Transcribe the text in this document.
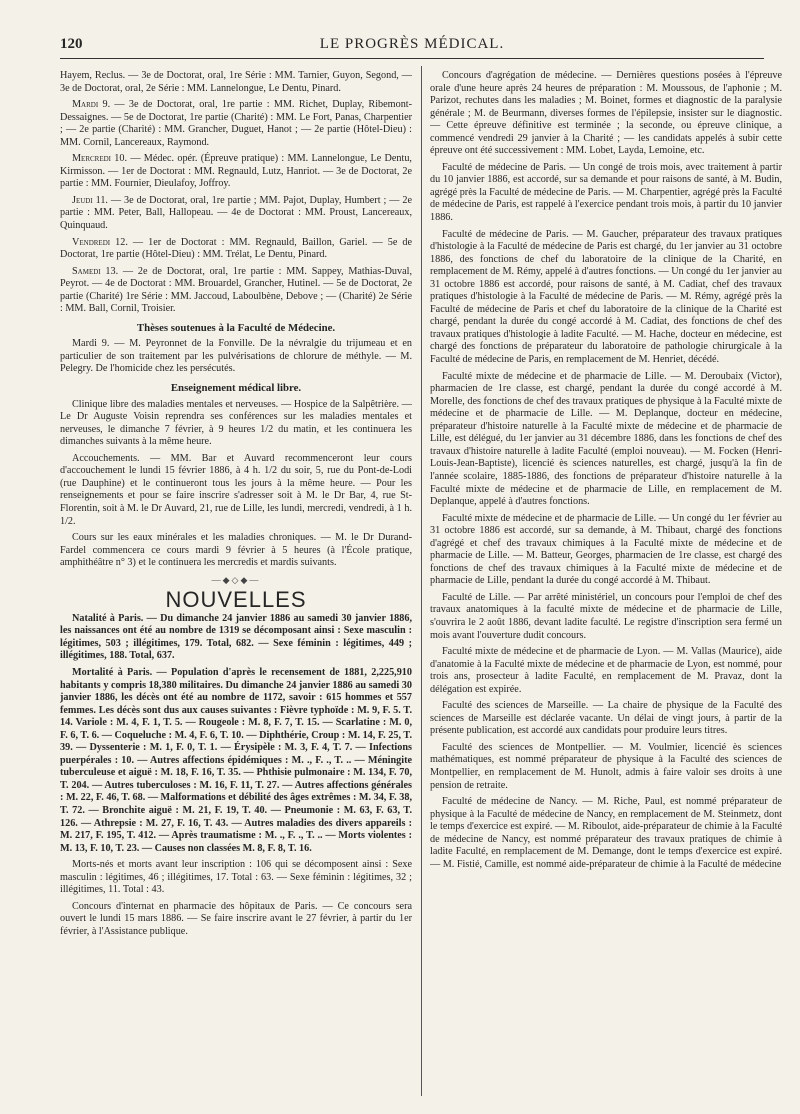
120	LE PROGRÈS MÉDICAL.

Hayem, Reclus. — 3e de Doctorat, oral, 1re Série : MM. Tarnier, Guyon, Segond, — 3e de Doctorat, oral, 2e Série : MM. Lannelongue, Le Dentu, Pinard.

Mardi 9. — 3e de Doctorat, oral, 1re partie : MM. Richet, Duplay, Ribemont-Dessaignes. — 5e de Doctorat, 1re partie (Charité) : MM. Le Fort, Panas, Charpentier ; — 2e partie (Charité) : MM. Grancher, Duguet, Hanot ; — 2e partie (Hôtel-Dieu) : MM. Cornil, Lancereaux, Raymond.

Mercredi 10. — Médec. opér. (Épreuve pratique) : MM. Lannelongue, Le Dentu, Kirmisson. — 1er de Doctorat : MM. Regnauld, Lutz, Hanriot. — 3e de Doctorat, 2e partie : MM. Fournier, Dieulafoy, Joffroy.

Jeudi 11. — 3e de Doctorat, oral, 1re partie ; MM. Pajot, Duplay, Humbert ; — 2e partie : MM. Peter, Ball, Hallopeau. — 4e de Doctorat : MM. Proust, Lancereaux, Quinquaud.

Vendredi 12. — 1er de Doctorat : MM. Regnauld, Baillon, Gariel. — 5e de Doctorat, 1re partie (Hôtel-Dieu) : MM. Trélat, Le Dentu, Pinard.

Samedi 13. — 2e de Doctorat, oral, 1re partie : MM. Sappey, Mathias-Duval, Peyrot. — 4e de Doctorat : MM. Brouardel, Grancher, Hutinel. — 5e de Doctorat, 2e partie (Charité) 1re Série : MM. Jaccoud, Laboulbène, Debove ; — (Charité) 2e Série : MM. Ball, Cornil, Troisier.

Thèses soutenues à la Faculté de Médecine.

Mardi 9. — M. Peyronnet de la Fonville. De la névralgie du trijumeau et en particulier de son traitement par les pulvérisations de chlorure de méthyle. — M. Pelegry. De l'homicide chez les persécutés.

Enseignement médical libre.

Clinique libre des maladies mentales et nerveuses. — Hospice de la Salpêtrière. — Le Dr Auguste Voisin reprendra ses conférences sur les maladies mentales et nerveuses, le dimanche 7 février, à 9 heures 1/2 du matin, et les continuera les dimanches suivants à la même heure.

Accouchements. — MM. Bar et Auvard recommenceront leur cours d'accouchement le lundi 15 février 1886, à 4 h. 1/2 du soir, 5, rue du Pont-de-Lodi (rue Dauphine) et le continueront tous les jours à la même heure. — Pour les renseignements et pour se faire inscrire s'adresser soit à M. le Dr Bar, 4, rue St-Florentin, soit à M. le Dr Auvard, 21, rue de Lille, les lundi, mercredi, vendredi, à 1 h. 1/2.

Cours sur les eaux minérales et les maladies chroniques. — M. le Dr Durand-Fardel commencera ce cours mardi 9 février à 5 heures (à l'École pratique, amphithéâtre n° 3) et le continuera les mercredis et mardis suivants.

—◆◇◆—
NOUVELLES

Natalité à Paris. — Du dimanche 24 janvier 1886 au samedi 30 janvier 1886, les naissances ont été au nombre de 1319 se décomposant ainsi : Sexe masculin : légitimes, 503 ; illégitimes, 179. Total, 682. — Sexe féminin : légitimes, 449 ; illégitimes, 188. Total, 637.

Mortalité à Paris. — Population d'après le recensement de 1881, 2,225,910 habitants y compris 18,380 militaires. Du dimanche 24 janvier 1886 au samedi 30 janvier 1886, les décès ont été au nombre de 1172, savoir : 615 hommes et 557 femmes. Les décès sont dus aux causes suivantes : Fièvre typhoïde : M. 9, F. 5. T. 14. Variole : M. 4, F. 1, T. 5. — Rougeole : M. 8, F. 7, T. 15. — Scarlatine : M. 0, F. 6, T. 6. — Coqueluche : M. 4, F. 6, T. 10. — Diphthérie, Croup : M. 14, F. 25, T. 39. — Dyssenterie : M. 1, F. 0, T. 1. — Érysipèle : M. 3, F. 4, T. 7. — Infections puerpérales : 10. — Autres affections épidémiques : M. ., F. ., T. .. — Méningite tuberculeuse et aiguë : M. 18, F. 16, T. 35. — Phthisie pulmonaire : M. 134, F. 70, T. 204. — Autres tuberculoses : M. 16, F. 11, T. 27. — Autres affections générales : M. 22, F. 46, T. 68. — Malformations et débilité des âges extrêmes : M. 34, F. 38, T. 72. — Bronchite aiguë : M. 21, F. 19, T. 40. — Pneumonie : M. 63, F. 63, T. 126. — Athrepsie : M. 27, F. 16, T. 43. — Autres maladies des divers appareils : M. 217, F. 195, T. 412. — Après traumatisme : M. ., F. ., T. .. — Morts violentes : M. 13, F. 10, T. 23. — Causes non classées M. 8, F. 8, T. 16.

Morts-nés et morts avant leur inscription : 106 qui se décomposent ainsi : Sexe masculin : légitimes, 46 ; illégitimes, 17. Total : 63. — Sexe féminin : légitimes, 32 ; illégitimes, 11. Total : 43.

Concours d'internat en pharmacie des hôpitaux de Paris. — Ce concours sera ouvert le lundi 15 mars 1886. — Se faire inscrire avant le 27 février, à partir du 1er février, à l'Assistance publique.

Concours d'agrégation de médecine. — Dernières questions posées à l'épreuve orale d'une heure après 24 heures de préparation : M. Moussous, de l'aphonie ; M. Parizot, rechutes dans les maladies ; M. Boinet, formes et diagnostic de la paralysie générale ; M. de Beurmann, diverses formes de l'épilepsie, insister sur le diagnostic. — Cette épreuve définitive est terminée ; la seconde, ou épreuve clinique, a commencé vendredi 29 janvier à la Charité ; — les candidats appelés à subir cette épreuve ont été successivement : MM. Lobet, Layda, Lemoine, etc.

Faculté de médecine de Paris. — Un congé de trois mois, avec traitement à partir du 10 janvier 1886, est accordé, sur sa demande et pour raisons de santé, à M. Budin, agrégé près la Faculté de médecine de Paris. — M. Charpentier, agrégé près la Faculté de médecine de Paris, est rappelé à l'exercice pendant trois mois, à partir du 10 janvier 1886.

Faculté de médecine de Paris. — M. Gaucher, préparateur des travaux pratiques d'histologie à la Faculté de médecine de Paris est chargé, du 1er janvier au 31 octobre 1886, des fonctions de chef du laboratoire de la clinique de la Charité, en remplacement de M. Rémy, appelé à d'autres fonctions. — Un congé du 1er janvier au 31 octobre 1886 est accordé, pour raisons de santé, à M. Cadiat, chef des travaux pratiques d'histologie à la Faculté de médecine de Paris. — M. Rémy, agrégé près la Faculté de médecine de Paris et chef du laboratoire de la clinique de la Charité est chargé, pendant la durée du congé accordé à M. Cadiat, des fonctions de chef des travaux pratiques d'histologie à ladite Faculté. — M. Hache, docteur en médecine, est chargé des fonctions de préparateur du laboratoire de pathologie chirurgicale à la Faculté de médecine de Paris, en remplacement de M. Henriet, décédé.

Faculté mixte de médecine et de pharmacie de Lille. — M. Deroubaix (Victor), pharmacien de 1re classe, est chargé, pendant la durée du congé accordé à M. Morelle, des fonctions de chef des travaux pratiques de physique à la Faculté mixte de médecine et de pharmacie de Lille. — M. Deplanque, docteur en médecine, préparateur d'histoire naturelle à la Faculté mixte de médecine et de pharmacie de Lille, est délégué, du 1er janvier au 31 décembre 1886, dans les fonctions de chef des travaux d'histoire naturelle à ladite Faculté (emploi nouveau). — M. Focken (Henri-Louis-Jean-Baptiste), licencié ès sciences naturelles, est chargé, jusqu'à la fin de l'année scolaire, 1885-1886, des fonctions de préparateur d'histoire naturelle à la Faculté mixte de médecine et de pharmacie de Lille, en remplacement de M. Deplanque, appelé à d'autres fonctions.

Faculté mixte de médecine et de pharmacie de Lille. — Un congé du 1er février au 31 octobre 1886 est accordé, sur sa demande, à M. Thibaut, chargé des fonctions d'agrégé et chef des travaux chimiques à la Faculté mixte de médecine et de pharmacie de Lille. — M. Batteur, Georges, pharmacien de 1re classe, est chargé des fonctions de chef des travaux chimiques à la Faculté mixte de médecine et de pharmacie de Lille, pendant la durée du congé accordé à M. Thibaut.

Faculté de Lille. — Par arrêté ministériel, un concours pour l'emploi de chef des travaux anatomiques à la faculté mixte de médecine et de pharmacie de Lille, s'ouvrira le 2 août 1886, devant ladite faculté. Le registre d'inscription sera fermé un mois avant l'ouverture dudit concours.

Faculté mixte de médecine et de pharmacie de Lyon. — M. Vallas (Maurice), aide d'anatomie à la Faculté mixte de médecine et de pharmacie de Lyon, est nommé, pour trois ans, prosecteur à ladite Faculté, en remplacement de M. Pravaz, dont la délégation est expirée.

Faculté des sciences de Marseille. — La chaire de physique de la Faculté des sciences de Marseille est déclarée vacante. Un délai de vingt jours, à partir de la présente publication, est accordé aux candidats pour produire leurs titres.

Faculté des sciences de Montpellier. — M. Voulmier, licencié ès sciences mathématiques, est nommé préparateur de physique à la Faculté des sciences de Montpellier, en remplacement de M. Hunolt, admis à faire valoir ses droits à une pension de retraite.

Faculté de médecine de Nancy. — M. Riche, Paul, est nommé préparateur de physique à la Faculté de médecine de Nancy, en remplacement de M. Steinmetz, dont le temps d'exercice est expiré. — M. Riboulot, aide-préparateur de chimie à la Faculté de médecine de Nancy, est nommé préparateur des travaux pratiques de chimie à ladite Faculté, en remplacement de M. Demange, dont le temps d'exercice est expiré. — M. Fistié, Camille, est nommé aide-préparateur de chimie à la Faculté de médecine
